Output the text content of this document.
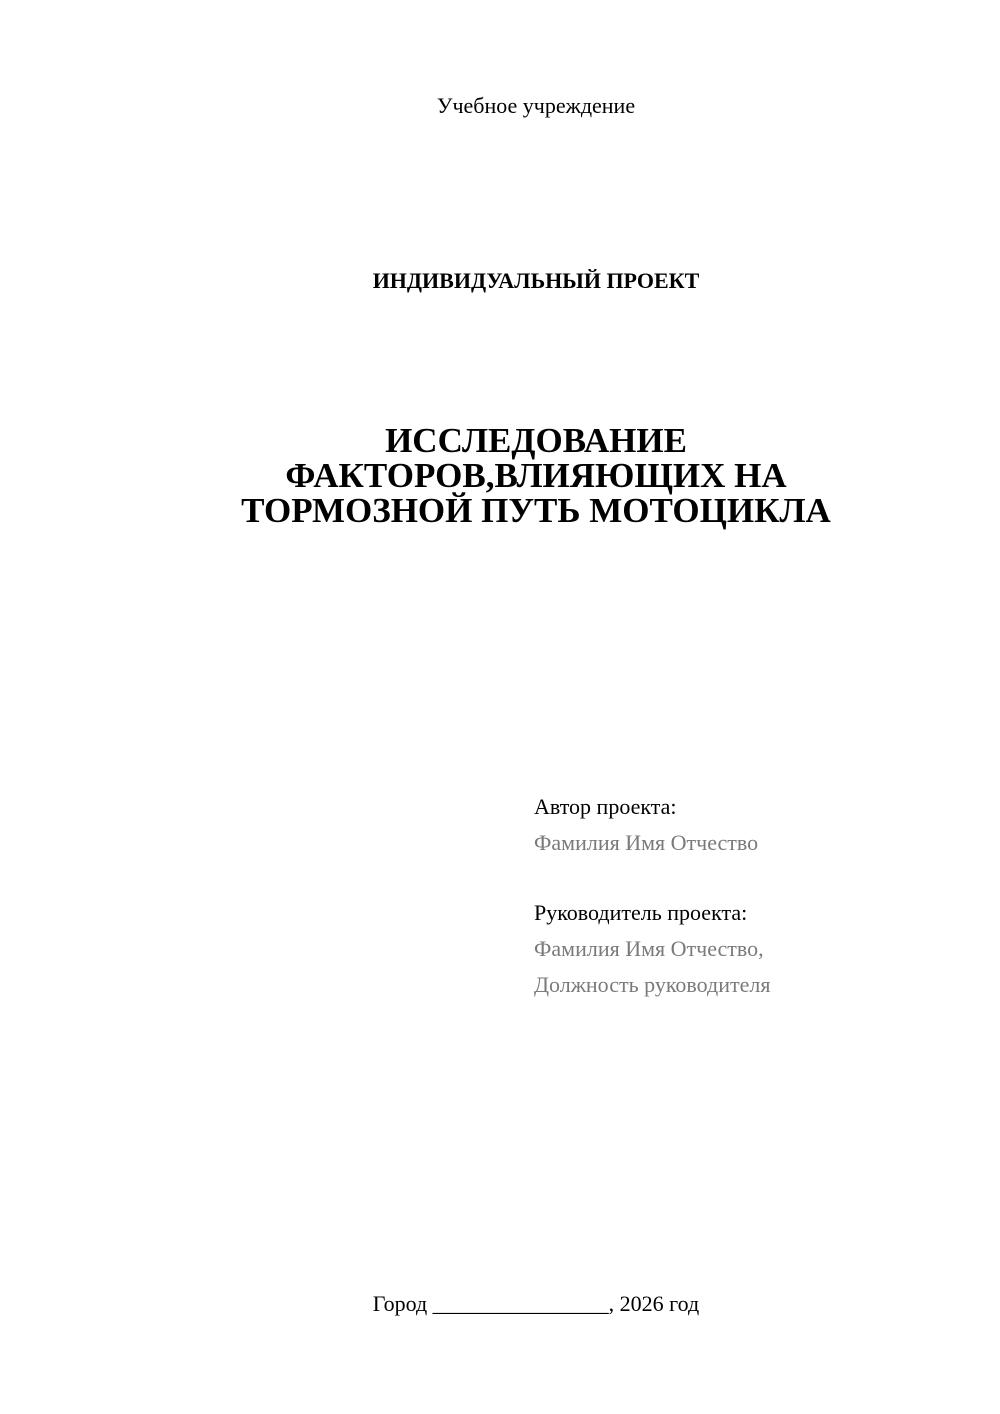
Учебное учреждение
ИНДИВИДУАЛЬНЫЙ ПРОЕКТ
ИССЛЕДОВАНИЕ
ФАКТОРОВ,ВЛИЯЮЩИХ НА
ТОРМОЗНОЙ ПУТЬ МОТОЦИКЛА
Автор проекта:
Фамилия Имя Отчество
Руководитель проекта:
Фамилия Имя Отчество,
Должность руководителя
Город ________________, 2026 год
